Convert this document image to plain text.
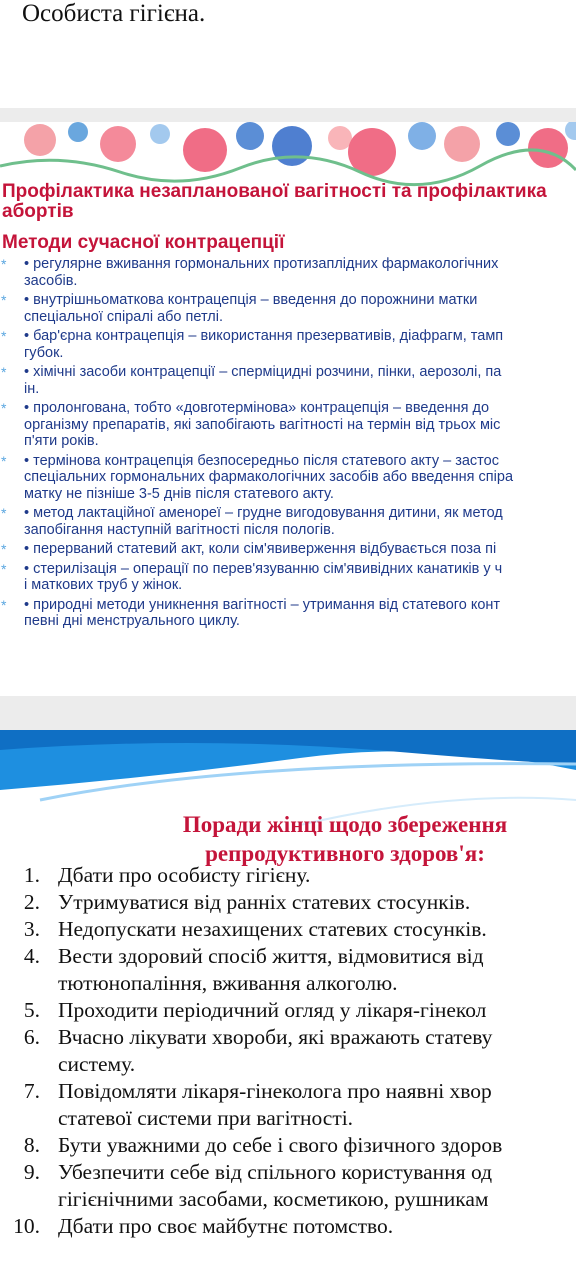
Особиста гігієна.
Профілактика незапланованої вагітності та профілактика
абортів
Методи сучасної контрацепції
* • регулярне вживання гормональних протизаплідних фармакологічних
засобів.
* • внутрішньоматкова контрацепція – введення до порожнини матки
спеціальної спіралі або петлі.
* • бар'єрна контрацепція – використання презервативів, діафрагм, тамп
губок.
* • хімічні засоби контрацепції – сперміцидні розчини, пінки, аерозолі, па
ін.
* • пролонгована, тобто «довготермінова» контрацепція – введення до
організму препаратів, які запобігають вагітності на термін від трьох міс
п'яти років.
* • термінова контрацепція безпосередньо після статевого акту – застос
спеціальних гормональних фармакологічних засобів або введення спіра
матку не пізніше 3-5 днів після статевого акту.
* • метод лактаційної аменореї – грудне вигодовування дитини, як метод
запобігання наступній вагітності після пологів.
* • перерваний статевий акт, коли сім'явиверження відбувається поза пі
* • стерилізація – операції по перев'язуванню сім'явивідних канатиків у ч
і маткових труб у жінок.
* • природні методи уникнення вагітності – утримання від статевого конт
певні дні менструального циклу.
Поради жінці щодо збереження
репродуктивного здоров'я:
1. Дбати про особисту гігієну.
2. Утримуватися від ранніх статевих стосунків.
3. Недопускати незахищених статевих стосунків.
4. Вести здоровий спосіб життя, відмовитися від
тютюнопаління, вживання алкоголю.
5. Проходити періодичний огляд у лікаря-гінекол
6. Вчасно лікувати хвороби, які вражають статеву
систему.
7. Повідомляти лікаря-гінеколога про наявні хвор
статевої системи при вагітності.
8. Бути уважними до себе і свого фізичного здоров
9. Убезпечити себе від спільного користування од
гігієнічними засобами, косметикою, рушникам
10. Дбати про своє майбутнє потомство.
